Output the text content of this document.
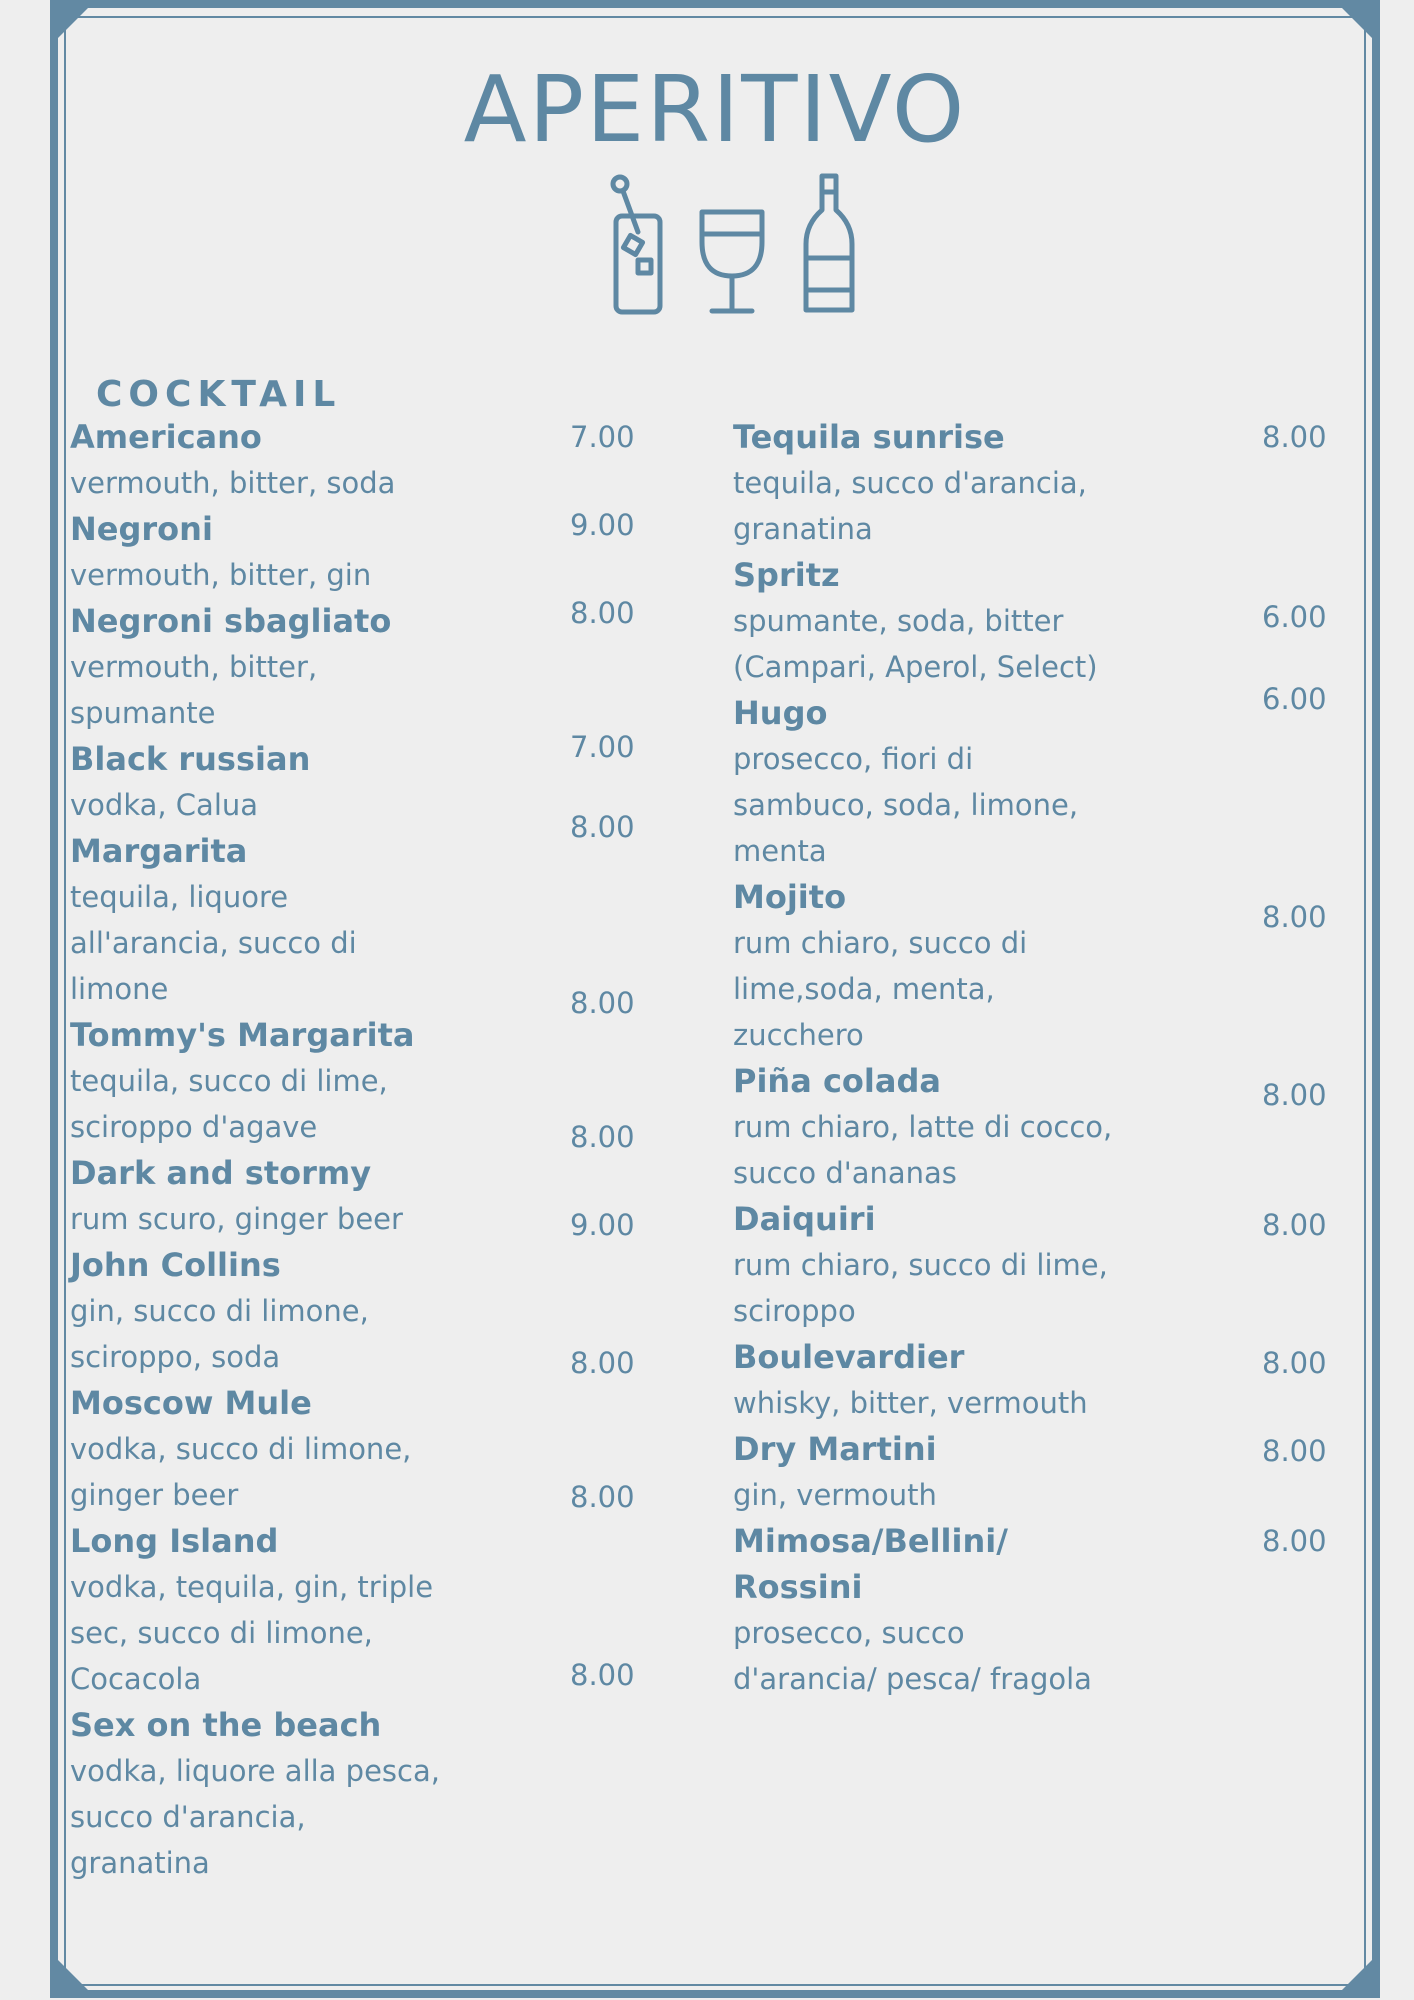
APERITIVO
COCKTAIL
Americano
vermouth, bitter, soda
7.00
Negroni
vermouth, bitter, gin
9.00
Negroni sbagliato
vermouth, bitter,
spumante
8.00
Black russian
vodka, Calua
7.00
Margarita
tequila, liquore
all'arancia, succo di
limone
8.00
Tommy's Margarita
tequila, succo di lime,
sciroppo d'agave
8.00
Dark and stormy
rum scuro, ginger beer
8.00
John Collins
gin, succo di limone,
sciroppo, soda
9.00
Moscow Mule
vodka, succo di limone,
ginger beer
8.00
Long Island
vodka, tequila, gin, triple
sec, succo di limone,
Cocacola
8.00
Sex on the beach
vodka, liquore alla pesca,
succo d'arancia,
granatina
8.00
Tequila sunrise
tequila, succo d'arancia,
granatina
8.00
Spritz
spumante, soda, bitter
(Campari, Aperol, Select)
6.00
Hugo
prosecco, fiori di
sambuco, soda, limone,
menta
6.00
Mojito
rum chiaro, succo di
lime,soda, menta,
zucchero
8.00
Piña colada
rum chiaro, latte di cocco,
succo d'ananas
8.00
Daiquiri
rum chiaro, succo di lime,
sciroppo
8.00
Boulevardier
whisky, bitter, vermouth
8.00
Dry Martini
gin, vermouth
8.00
Mimosa/Bellini/
Rossini
prosecco, succo
d'arancia/ pesca/ fragola
8.00
